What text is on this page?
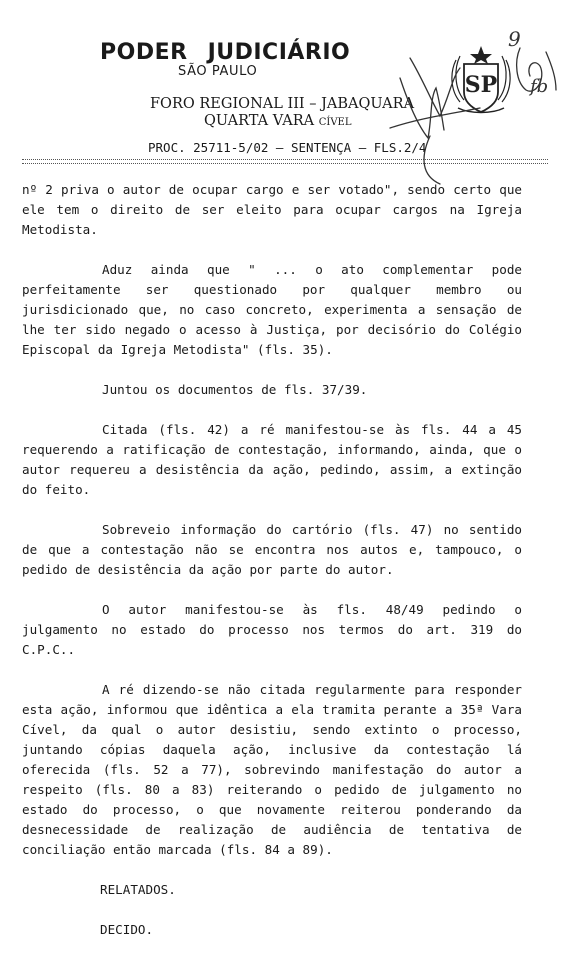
PODER JUDICIÁRIO
SÃO PAULO
FORO REGIONAL III – JABAQUARA
QUARTA VARA CÍVEL
PROC. 25711-5/02 – SENTENÇA – FLS.2/4
SP
9
fb

nº 2 priva o autor de ocupar cargo e ser votado", sendo certo que ele tem o direito de ser eleito para ocupar cargos na Igreja Metodista.

Aduz ainda que " ... o ato complementar pode perfeitamente ser questionado por qualquer membro ou jurisdicionado que, no caso concreto, experimenta a sensação de lhe ter sido negado o acesso à Justiça, por decisório do Colégio Episcopal da Igreja Metodista" (fls. 35).

Juntou os documentos de fls. 37/39.

Citada (fls. 42) a ré manifestou-se às fls. 44 a 45 requerendo a ratificação de contestação, informando, ainda, que o autor requereu a desistência da ação, pedindo, assim, a extinção do feito.

Sobreveio informação do cartório (fls. 47) no sentido de que a contestação não se encontra nos autos e, tampouco, o pedido de desistência da ação por parte do autor.

O autor manifestou-se às fls. 48/49 pedindo o julgamento no estado do processo nos termos do art. 319 do C.P.C..

A ré dizendo-se não citada regularmente para responder esta ação, informou que idêntica a ela tramita perante a 35ª Vara Cível, da qual o autor desistiu, sendo extinto o processo, juntando cópias daquela ação, inclusive da contestação lá oferecida (fls. 52 a 77), sobrevindo manifestação do autor a respeito (fls. 80 a 83) reiterando o pedido de julgamento no estado do processo, o que novamente reiterou ponderando da desnecessidade de realização de audiência de tentativa de conciliação então marcada (fls. 84 a 89).

RELATADOS.

DECIDO.
